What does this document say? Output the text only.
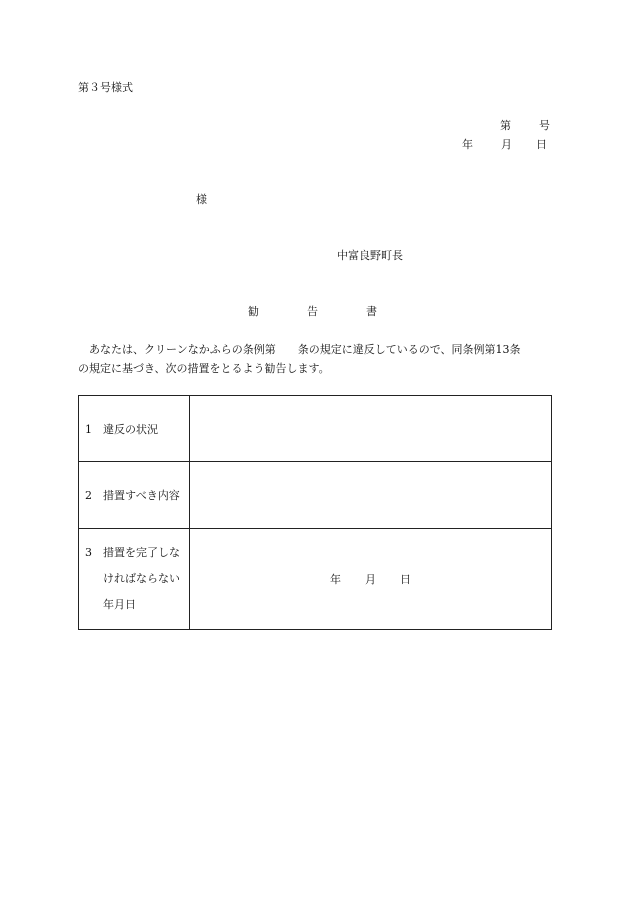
第３号様式
第	号
年	月 日
様
中富良野町長
勧	告	書
　あなたは、クリーンなかふらの条例第 条の規定に違反しているので、同条例第13条
の規定に基づき、次の措置をとるよう勧告します。
1 違反の状況	
2 措置すべき内容	

3 措置を完了しな
ければならない
年月日	年 月 日
